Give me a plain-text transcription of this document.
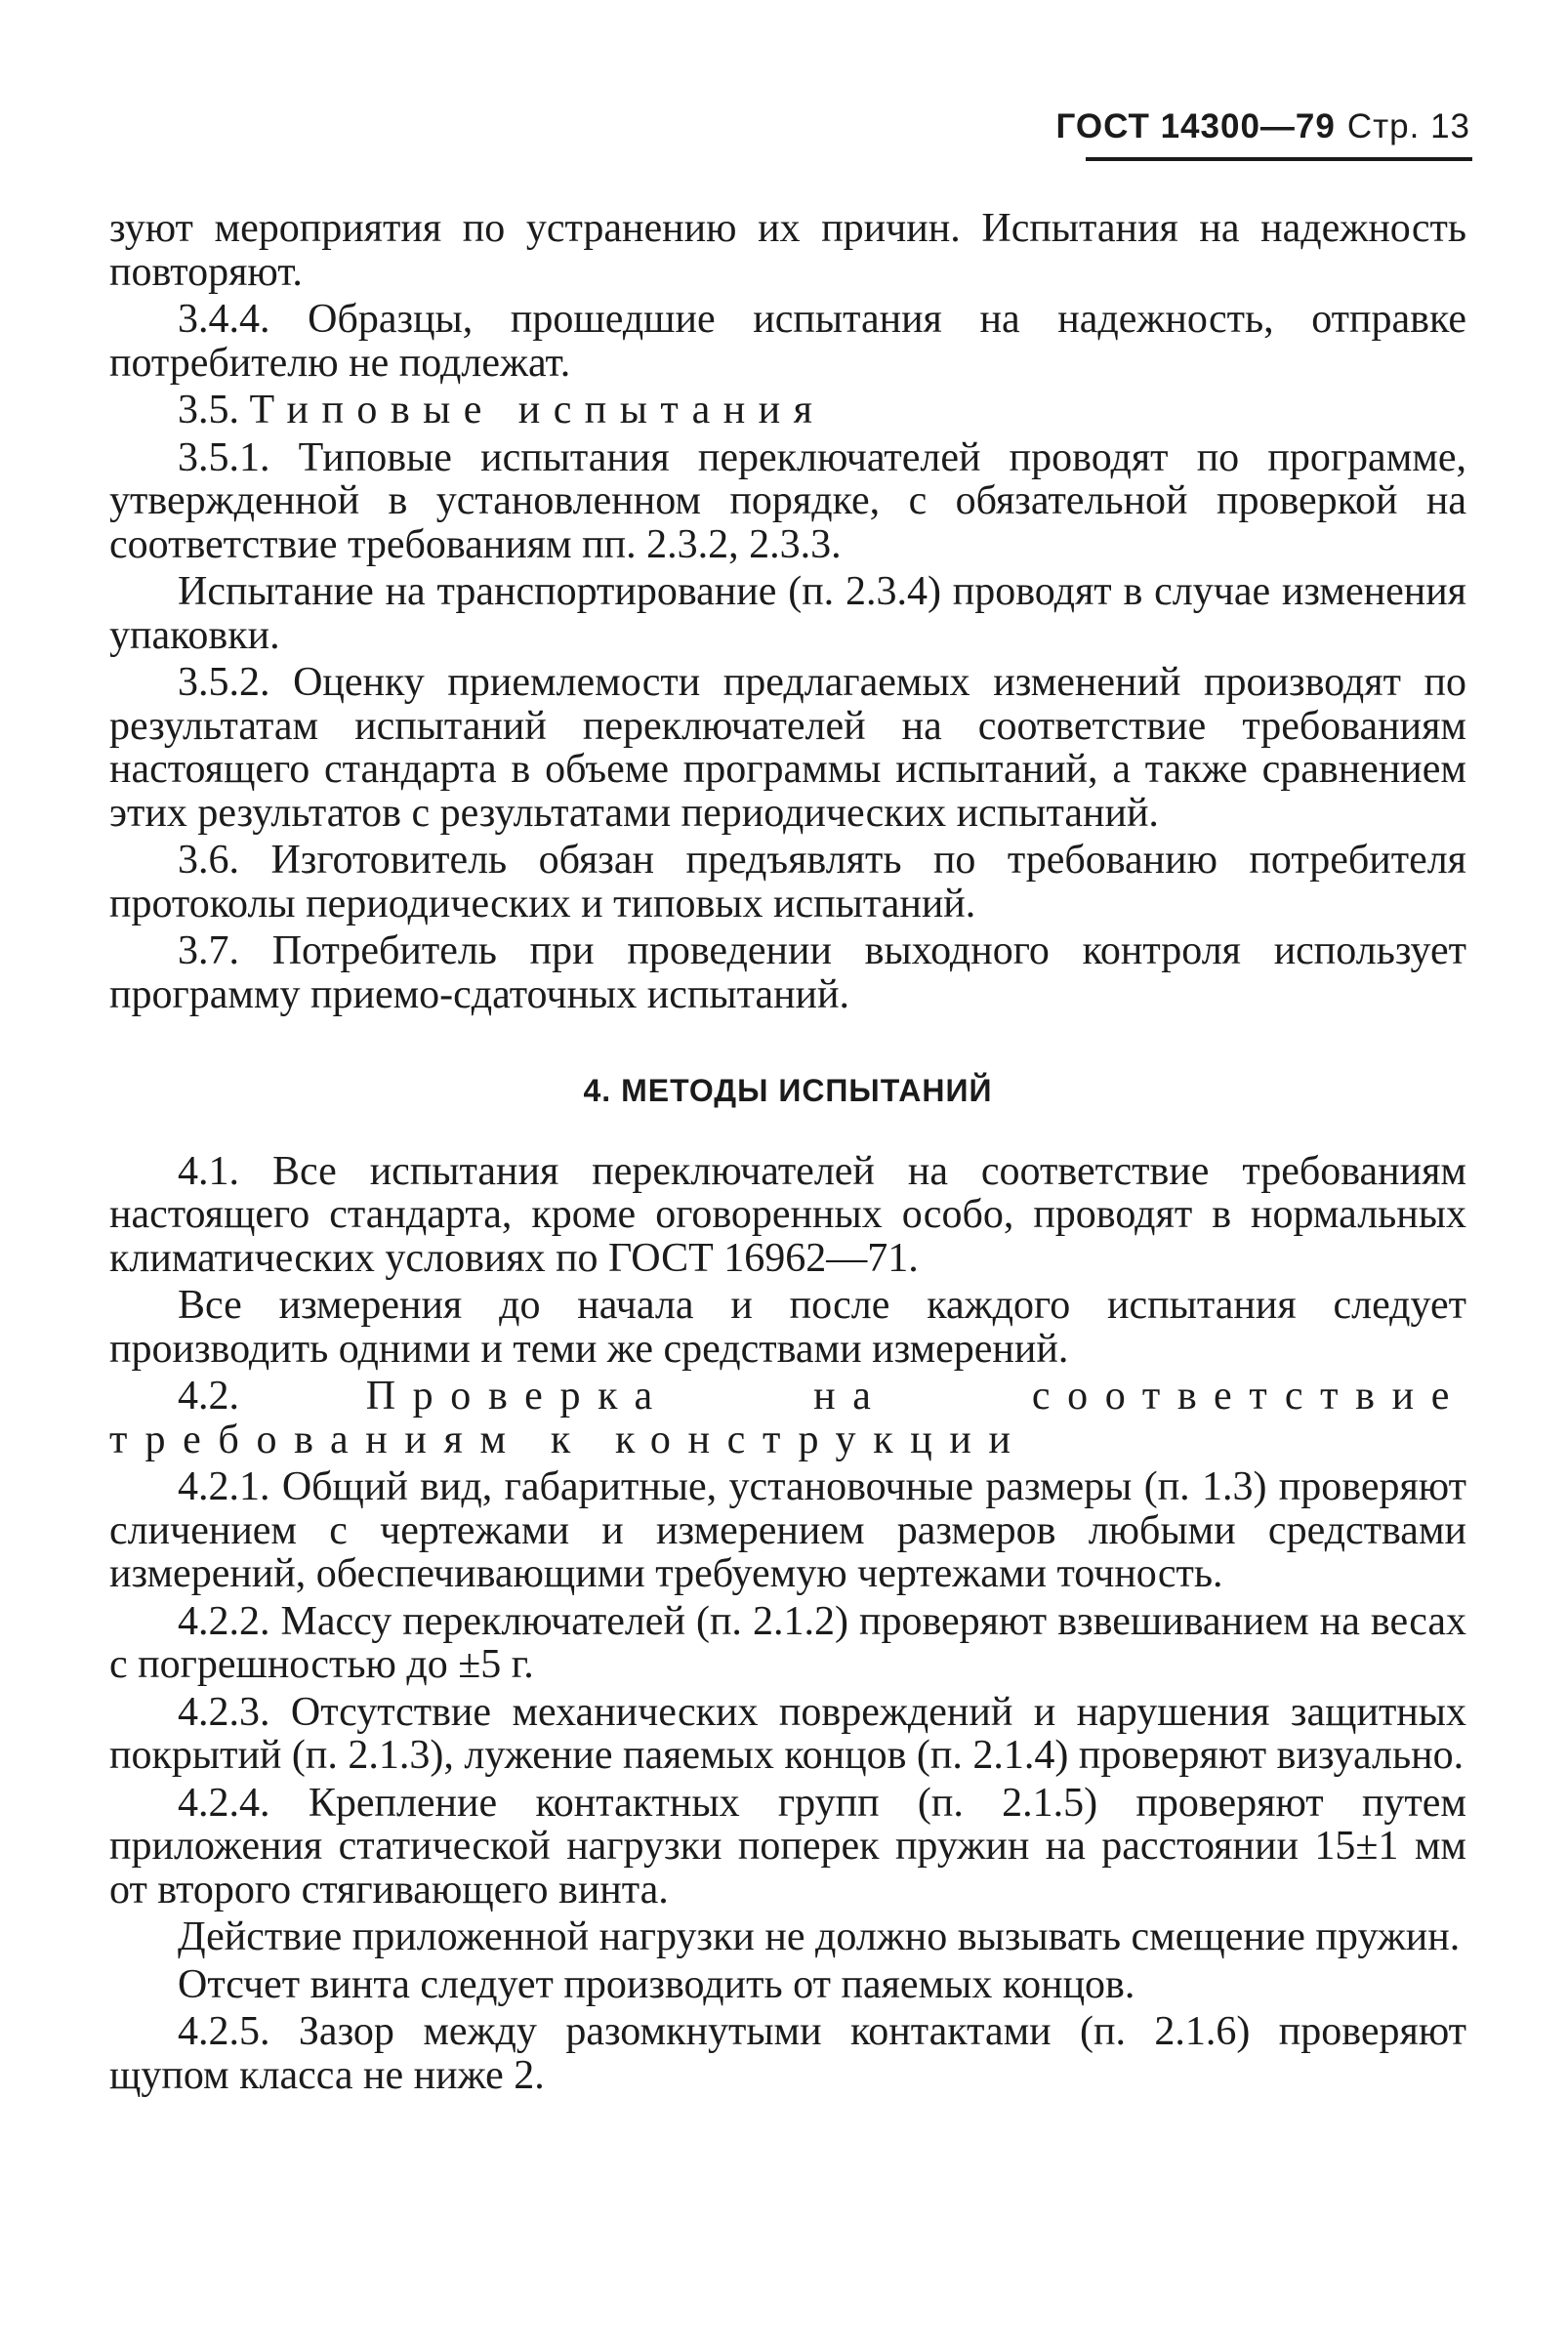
ГОСТ 14300—79 Стр. 13

зуют мероприятия по устранению их причин. Испытания на надежность повторяют.

3.4.4. Образцы, прошедшие испытания на надежность, отправке потребителю не подлежат.

3.5. Типовые испытания

3.5.1. Типовые испытания переключателей проводят по программе, утвержденной в установленном порядке, с обязательной проверкой на соответствие требованиям пп. 2.3.2, 2.3.3.

Испытание на транспортирование (п. 2.3.4) проводят в случае изменения упаковки.

3.5.2. Оценку приемлемости предлагаемых изменений производят по результатам испытаний переключателей на соответствие требованиям настоящего стандарта в объеме программы испытаний, а также сравнением этих результатов с результатами периодических испытаний.

3.6. Изготовитель обязан предъявлять по требованию потребителя протоколы периодических и типовых испытаний.

3.7. Потребитель при проведении выходного контроля использует программу приемо-сдаточных испытаний.

4. МЕТОДЫ ИСПЫТАНИЙ

4.1. Все испытания переключателей на соответствие требованиям настоящего стандарта, кроме оговоренных особо, проводят в нормальных климатических условиях по ГОСТ 16962—71.

Все измерения до начала и после каждого испытания следует производить одними и теми же средствами измерений.

4.2.	Проверка на соответствие требованиям к конструкции

4.2.1. Общий вид, габаритные, установочные размеры (п. 1.3) проверяют сличением с чертежами и измерением размеров любыми средствами измерений, обеспечивающими требуемую чертежами точность.

4.2.2. Массу переключателей (п. 2.1.2) проверяют взвешиванием на весах с погрешностью до ±5 г.

4.2.3. Отсутствие механических повреждений и нарушения защитных покрытий (п. 2.1.3), лужение паяемых концов (п. 2.1.4) проверяют визуально.

4.2.4. Крепление контактных групп (п. 2.1.5) проверяют путем приложения статической нагрузки поперек пружин на расстоянии 15±1 мм от второго стягивающего винта.

Действие приложенной нагрузки не должно вызывать смещение пружин.

Отсчет винта следует производить от паяемых концов.

4.2.5. Зазор между разомкнутыми контактами (п. 2.1.6) проверяют щупом класса не ниже 2.
